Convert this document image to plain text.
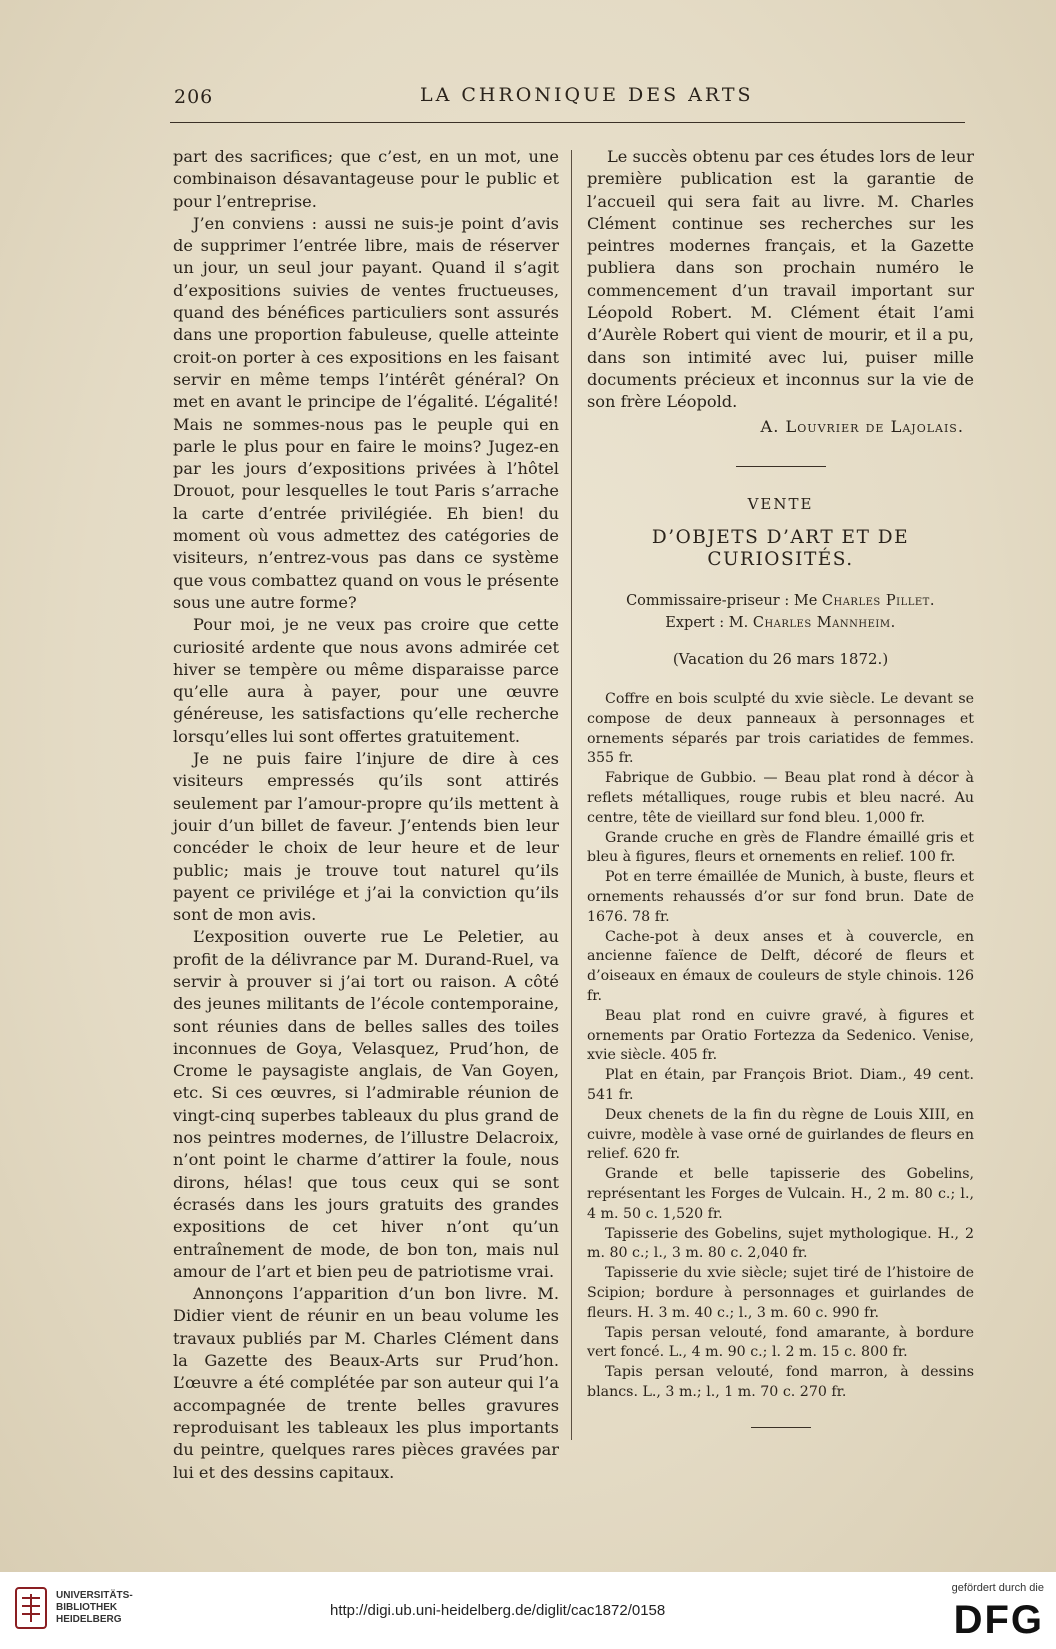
206	LA CHRONIQUE DES ARTS

part des sacrifices; que c’est, en un mot, une combinaison désavantageuse pour le public et pour l’entreprise.

J’en conviens : aussi ne suis-je point d’avis de supprimer l’entrée libre, mais de réserver un jour, un seul jour payant. Quand il s’agit d’expositions suivies de ventes fructueuses, quand des bénéfices particuliers sont assurés dans une proportion fabuleuse, quelle atteinte croit-on porter à ces expositions en les faisant servir en même temps l’intérêt général? On met en avant le principe de l’égalité. L’égalité! Mais ne sommes-nous pas le peuple qui en parle le plus pour en faire le moins? Jugez-en par les jours d’expositions privées à l’hôtel Drouot, pour lesquelles le tout Paris s’arrache la carte d’entrée privilégiée. Eh bien! du moment où vous admettez des catégories de visiteurs, n’entrez-vous pas dans ce système que vous combattez quand on vous le présente sous une autre forme?

Pour moi, je ne veux pas croire que cette curiosité ardente que nous avons admirée cet hiver se tempère ou même disparaisse parce qu’elle aura à payer, pour une œuvre généreuse, les satisfactions qu’elle recherche lorsqu’elles lui sont offertes gratuitement.

Je ne puis faire l’injure de dire à ces visiteurs empressés qu’ils sont attirés seulement par l’amour-propre qu’ils mettent à jouir d’un billet de faveur. J’entends bien leur concéder le choix de leur heure et de leur public; mais je trouve tout naturel qu’ils payent ce privilége et j’ai la conviction qu’ils sont de mon avis.

L’exposition ouverte rue Le Peletier, au profit de la délivrance par M. Durand-Ruel, va servir à prouver si j’ai tort ou raison. A côté des jeunes militants de l’école contemporaine, sont réunies dans de belles salles des toiles inconnues de Goya, Velasquez, Prud’hon, de Crome le paysagiste anglais, de Van Goyen, etc. Si ces œuvres, si l’admirable réunion de vingt-cinq superbes tableaux du plus grand de nos peintres modernes, de l’illustre Delacroix, n’ont point le charme d’attirer la foule, nous dirons, hélas! que tous ceux qui se sont écrasés dans les jours gratuits des grandes expositions de cet hiver n’ont qu’un entraînement de mode, de bon ton, mais nul amour de l’art et bien peu de patriotisme vrai.

Annonçons l’apparition d’un bon livre. M. Didier vient de réunir en un beau volume les travaux publiés par M. Charles Clément dans la Gazette des Beaux-Arts sur Prud’hon. L’œuvre a été complétée par son auteur qui l’a accompagnée de trente belles gravures reproduisant les tableaux les plus importants du peintre, quelques rares pièces gravées par lui et des dessins capitaux.

Le succès obtenu par ces études lors de leur première publication est la garantie de l’accueil qui sera fait au livre. M. Charles Clément continue ses recherches sur les peintres modernes français, et la Gazette publiera dans son prochain numéro le commencement d’un travail important sur Léopold Robert. M. Clément était l’ami d’Aurèle Robert qui vient de mourir, et il a pu, dans son intimité avec lui, puiser mille documents précieux et inconnus sur la vie de son frère Léopold.

A. Louvrier de Lajolais.

VENTE
D’OBJETS D’ART ET DE CURIOSITÉS.
Commissaire-priseur : Me Charles Pillet.
Expert : M. Charles Mannheim.
(Vacation du 26 mars 1872.)

Coffre en bois sculpté du xvie siècle. Le devant se compose de deux panneaux à personnages et ornements séparés par trois cariatides de femmes. 355 fr.

Fabrique de Gubbio. — Beau plat rond à décor à reflets métalliques, rouge rubis et bleu nacré. Au centre, tête de vieillard sur fond bleu. 1,000 fr.

Grande cruche en grès de Flandre émaillé gris et bleu à figures, fleurs et ornements en relief. 100 fr.

Pot en terre émaillée de Munich, à buste, fleurs et ornements rehaussés d’or sur fond brun. Date de 1676. 78 fr.

Cache-pot à deux anses et à couvercle, en ancienne faïence de Delft, décoré de fleurs et d’oiseaux en émaux de couleurs de style chinois. 126 fr.

Beau plat rond en cuivre gravé, à figures et ornements par Oratio Fortezza da Sedenico. Venise, xvie siècle. 405 fr.

Plat en étain, par François Briot. Diam., 49 cent. 541 fr.

Deux chenets de la fin du règne de Louis XIII, en cuivre, modèle à vase orné de guirlandes de fleurs en relief. 620 fr.

Grande et belle tapisserie des Gobelins, représentant les Forges de Vulcain. H., 2 m. 80 c.; l., 4 m. 50 c. 1,520 fr.

Tapisserie des Gobelins, sujet mythologique. H., 2 m. 80 c.; l., 3 m. 80 c. 2,040 fr.

Tapisserie du xvie siècle; sujet tiré de l’histoire de Scipion; bordure à personnages et guirlandes de fleurs. H. 3 m. 40 c.; l., 3 m. 60 c. 990 fr.

Tapis persan velouté, fond amarante, à bordure vert foncé. L., 4 m. 90 c.; l. 2 m. 15 c. 800 fr.

Tapis persan velouté, fond marron, à dessins blancs. L., 3 m.; l., 1 m. 70 c. 270 fr.

UNIVERSITÄTS-
BIBLIOTHEK
HEIDELBERG
http://digi.ub.uni-heidelberg.de/diglit/cac1872/0158
gefördert durch die
DFG
